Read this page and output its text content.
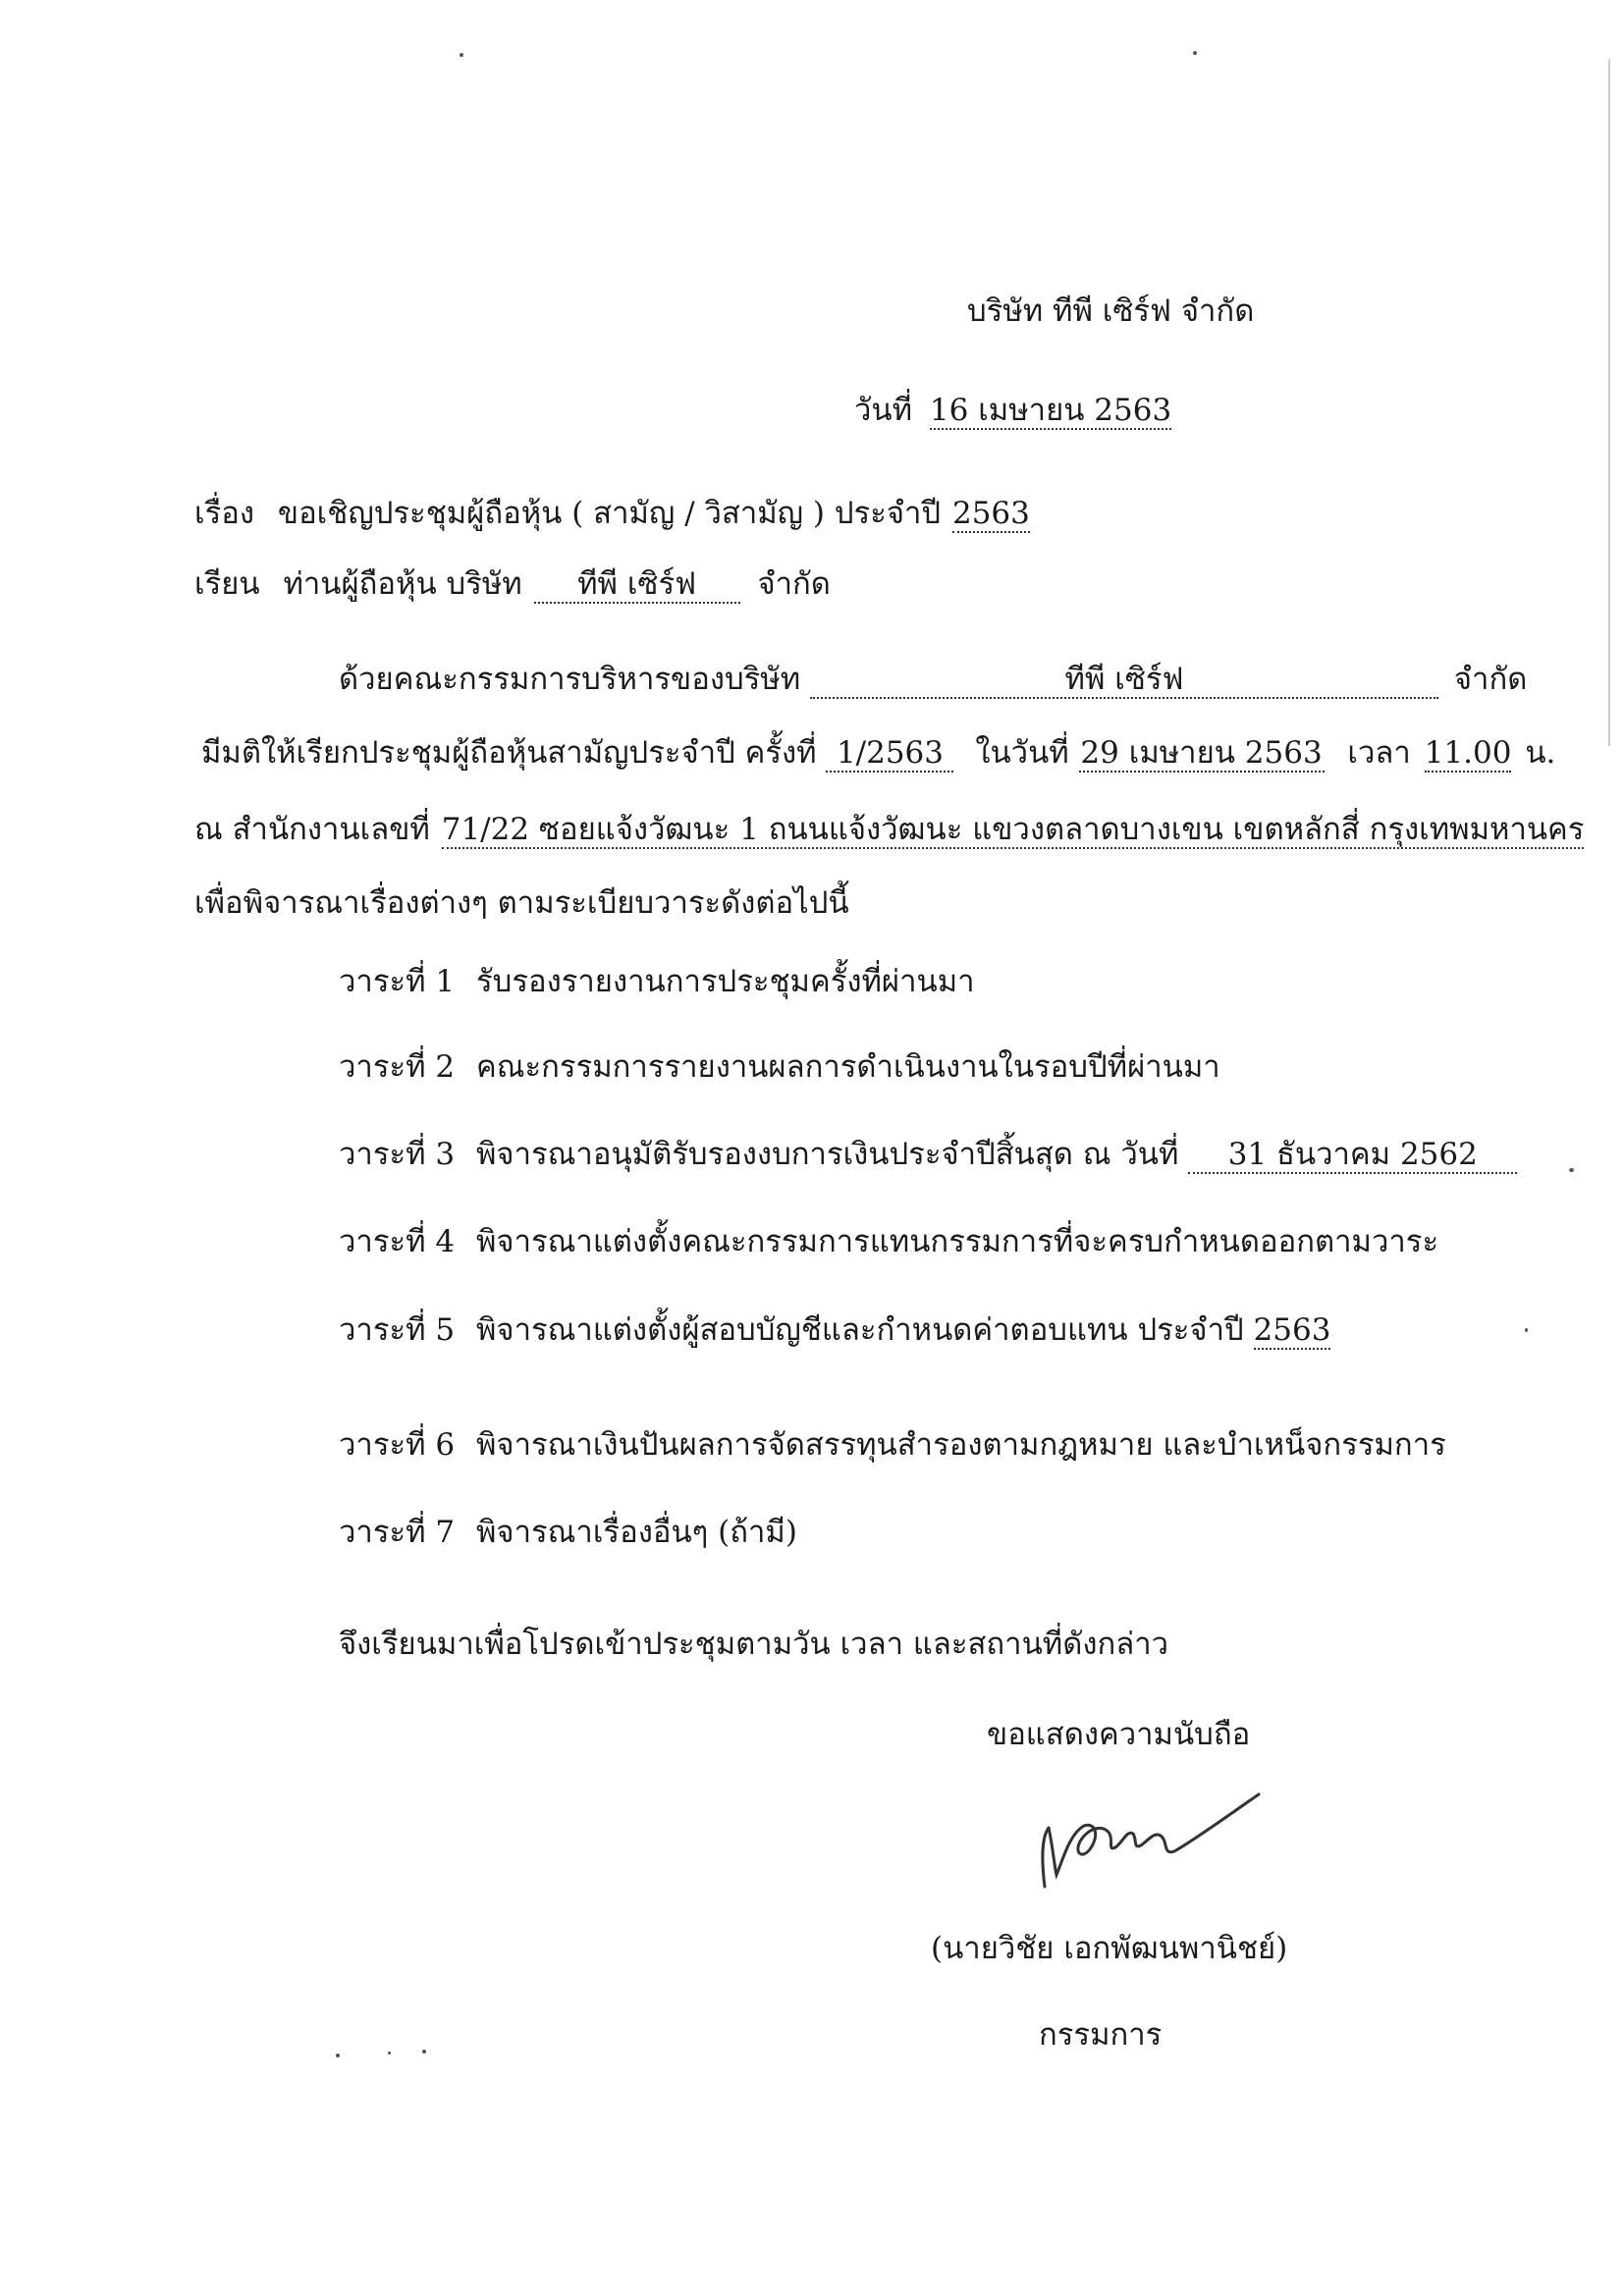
บริษัท ทีพี เซิร์ฟ จำกัด
วันที่ 16 เมษายน 2563
เรื่อง ขอเชิญประชุมผู้ถือหุ้น ( สามัญ / วิสามัญ ) ประจำปี 2563
เรียน ท่านผู้ถือหุ้น บริษัท ทีพี เซิร์ฟ จำกัด
ด้วยคณะกรรมการบริหารของบริษัท	ทีพี เซิร์ฟ	จำกัด
มีมติให้เรียกประชุมผู้ถือหุ้นสามัญประจำปี ครั้งที่ 1/2563 ในวันที่ 29 เมษายน 2563 เวลา 11.00 น.
ณ สำนักงานเลขที่ 71/22 ซอยแจ้งวัฒนะ 1 ถนนแจ้งวัฒนะ แขวงตลาดบางเขน เขตหลักสี่ กรุงเทพมหานคร
เพื่อพิจารณาเรื่องต่างๆ ตามระเบียบวาระดังต่อไปนี้
วาระที่ 1 รับรองรายงานการประชุมครั้งที่ผ่านมา
วาระที่ 2 คณะกรรมการรายงานผลการดำเนินงานในรอบปีที่ผ่านมา
วาระที่ 3 พิจารณาอนุมัติรับรองงบการเงินประจำปีสิ้นสุด ณ วันที่ 31 ธันวาคม 2562
วาระที่ 4 พิจารณาแต่งตั้งคณะกรรมการแทนกรรมการที่จะครบกำหนดออกตามวาระ
วาระที่ 5 พิจารณาแต่งตั้งผู้สอบบัญชีและกำหนดค่าตอบแทน ประจำปี 2563
วาระที่ 6 พิจารณาเงินปันผลการจัดสรรทุนสำรองตามกฎหมาย และบำเหน็จกรรมการ
วาระที่ 7 พิจารณาเรื่องอื่นๆ (ถ้ามี)
จึงเรียนมาเพื่อโปรดเข้าประชุมตามวัน เวลา และสถานที่ดังกล่าว
ขอแสดงความนับถือ
(นายวิชัย เอกพัฒนพานิชย์)
กรรมการ
